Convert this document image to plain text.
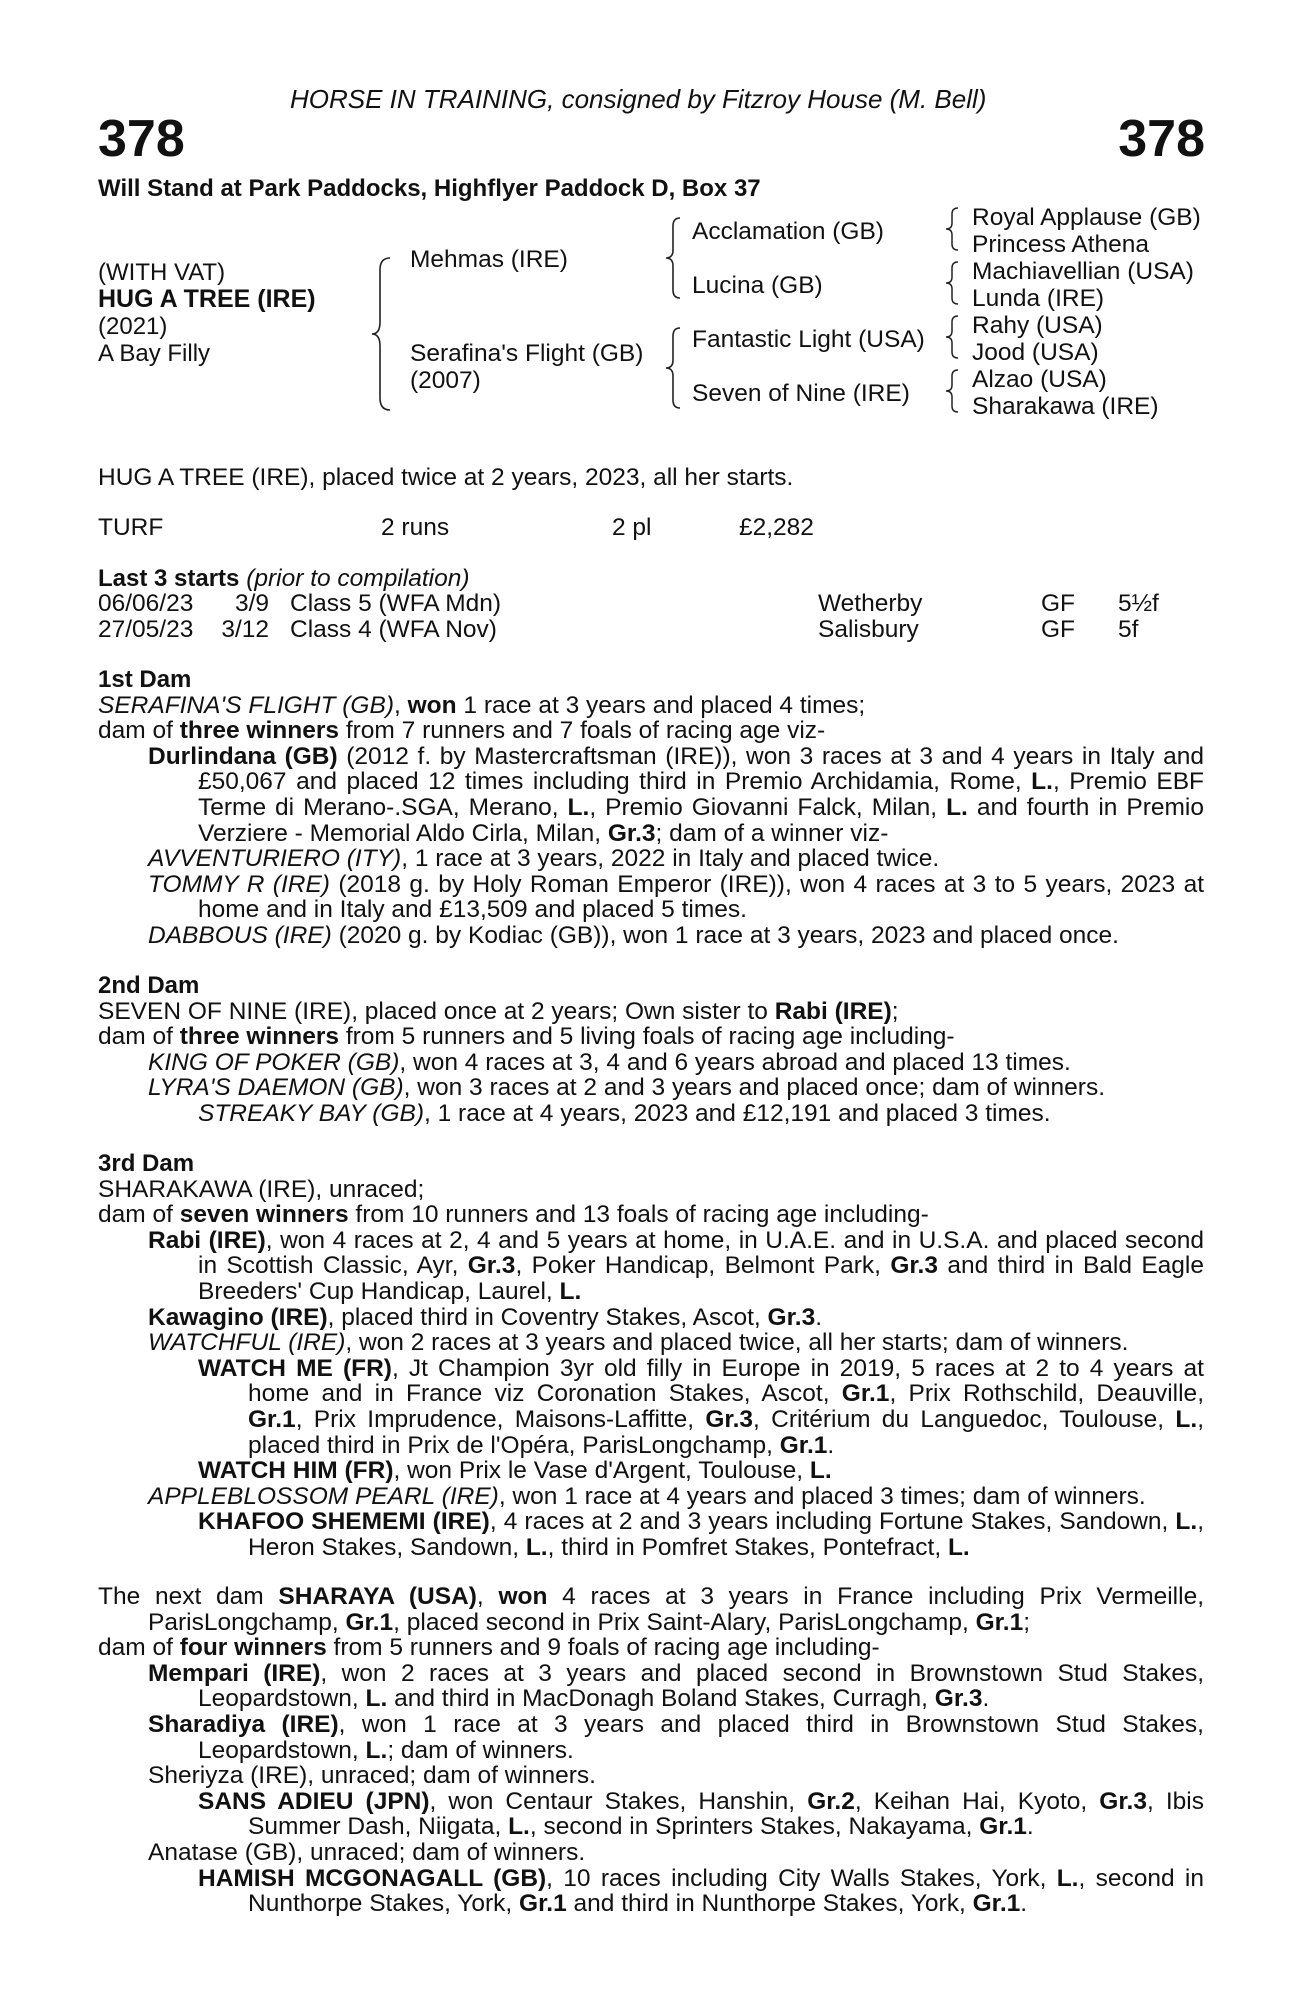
HORSE IN TRAINING, consigned by Fitzroy House (M. Bell)
378	378
Will Stand at Park Paddocks, Highflyer Paddock D, Box 37
(WITH VAT)
HUG A TREE (IRE)
(2021)
A Bay Filly
Mehmas (IRE)
Serafina's Flight (GB)
(2007)
Acclamation (GB)
Lucina (GB)
Fantastic Light (USA)
Seven of Nine (IRE)
Royal Applause (GB)
Princess Athena
Machiavellian (USA)
Lunda (IRE)
Rahy (USA)
Jood (USA)
Alzao (USA)
Sharakawa (IRE)
HUG A TREE (IRE), placed twice at 2 years, 2023, all her starts.
TURF	2 runs	2 pl	£2,282
Last 3 starts (prior to compilation)
06/06/23	3/9 Class 5 (WFA Mdn)	Wetherby	GF 5½f
27/05/23	3/12 Class 4 (WFA Nov)	Salisbury	GF 5f

1st Dam

SERAFINA'S FLIGHT (GB), won 1 race at 3 years and placed 4 times;

dam of three winners from 7 runners and 7 foals of racing age viz-

Durlindana (GB) (2012 f. by Mastercraftsman (IRE)), won 3 races at 3 and 4 years in Italy and £50,067 and placed 12 times including third in Premio Archidamia, Rome, L., Premio EBF Terme di Merano-.SGA, Merano, L., Premio Giovanni Falck, Milan, L. and fourth in Premio Verziere - Memorial Aldo Cirla, Milan, Gr.3; dam of a winner viz-

AVVENTURIERO (ITY), 1 race at 3 years, 2022 in Italy and placed twice.

TOMMY R (IRE) (2018 g. by Holy Roman Emperor (IRE)), won 4 races at 3 to 5 years, 2023 at home and in Italy and £13,509 and placed 5 times.

DABBOUS (IRE) (2020 g. by Kodiac (GB)), won 1 race at 3 years, 2023 and placed once.

2nd Dam

SEVEN OF NINE (IRE), placed once at 2 years; Own sister to Rabi (IRE);

dam of three winners from 5 runners and 5 living foals of racing age including-

KING OF POKER (GB), won 4 races at 3, 4 and 6 years abroad and placed 13 times.

LYRA'S DAEMON (GB), won 3 races at 2 and 3 years and placed once; dam of winners.

STREAKY BAY (GB), 1 race at 4 years, 2023 and £12,191 and placed 3 times.

3rd Dam

SHARAKAWA (IRE), unraced;

dam of seven winners from 10 runners and 13 foals of racing age including-

Rabi (IRE), won 4 races at 2, 4 and 5 years at home, in U.A.E. and in U.S.A. and placed second in Scottish Classic, Ayr, Gr.3, Poker Handicap, Belmont Park, Gr.3 and third in Bald Eagle Breeders' Cup Handicap, Laurel, L.

Kawagino (IRE), placed third in Coventry Stakes, Ascot, Gr.3.

WATCHFUL (IRE), won 2 races at 3 years and placed twice, all her starts; dam of winners.

WATCH ME (FR), Jt Champion 3yr old filly in Europe in 2019, 5 races at 2 to 4 years at home and in France viz Coronation Stakes, Ascot, Gr.1, Prix Rothschild, Deauville, Gr.1, Prix Imprudence, Maisons-Laffitte, Gr.3, Critérium du Languedoc, Toulouse, L., placed third in Prix de l'Opéra, ParisLongchamp, Gr.1.

WATCH HIM (FR), won Prix le Vase d'Argent, Toulouse, L.

APPLEBLOSSOM PEARL (IRE), won 1 race at 4 years and placed 3 times; dam of winners.

KHAFOO SHEMEMI (IRE), 4 races at 2 and 3 years including Fortune Stakes, Sandown, L., Heron Stakes, Sandown, L., third in Pomfret Stakes, Pontefract, L.

The next dam SHARAYA (USA), won 4 races at 3 years in France including Prix Vermeille, ParisLongchamp, Gr.1, placed second in Prix Saint-Alary, ParisLongchamp, Gr.1;

dam of four winners from 5 runners and 9 foals of racing age including-

Mempari (IRE), won 2 races at 3 years and placed second in Brownstown Stud Stakes, Leopardstown, L. and third in MacDonagh Boland Stakes, Curragh, Gr.3.

Sharadiya (IRE), won 1 race at 3 years and placed third in Brownstown Stud Stakes, Leopardstown, L.; dam of winners.

Sheriyza (IRE), unraced; dam of winners.

SANS ADIEU (JPN), won Centaur Stakes, Hanshin, Gr.2, Keihan Hai, Kyoto, Gr.3, Ibis Summer Dash, Niigata, L., second in Sprinters Stakes, Nakayama, Gr.1.

Anatase (GB), unraced; dam of winners.

HAMISH MCGONAGALL (GB), 10 races including City Walls Stakes, York, L., second in Nunthorpe Stakes, York, Gr.1 and third in Nunthorpe Stakes, York, Gr.1.
